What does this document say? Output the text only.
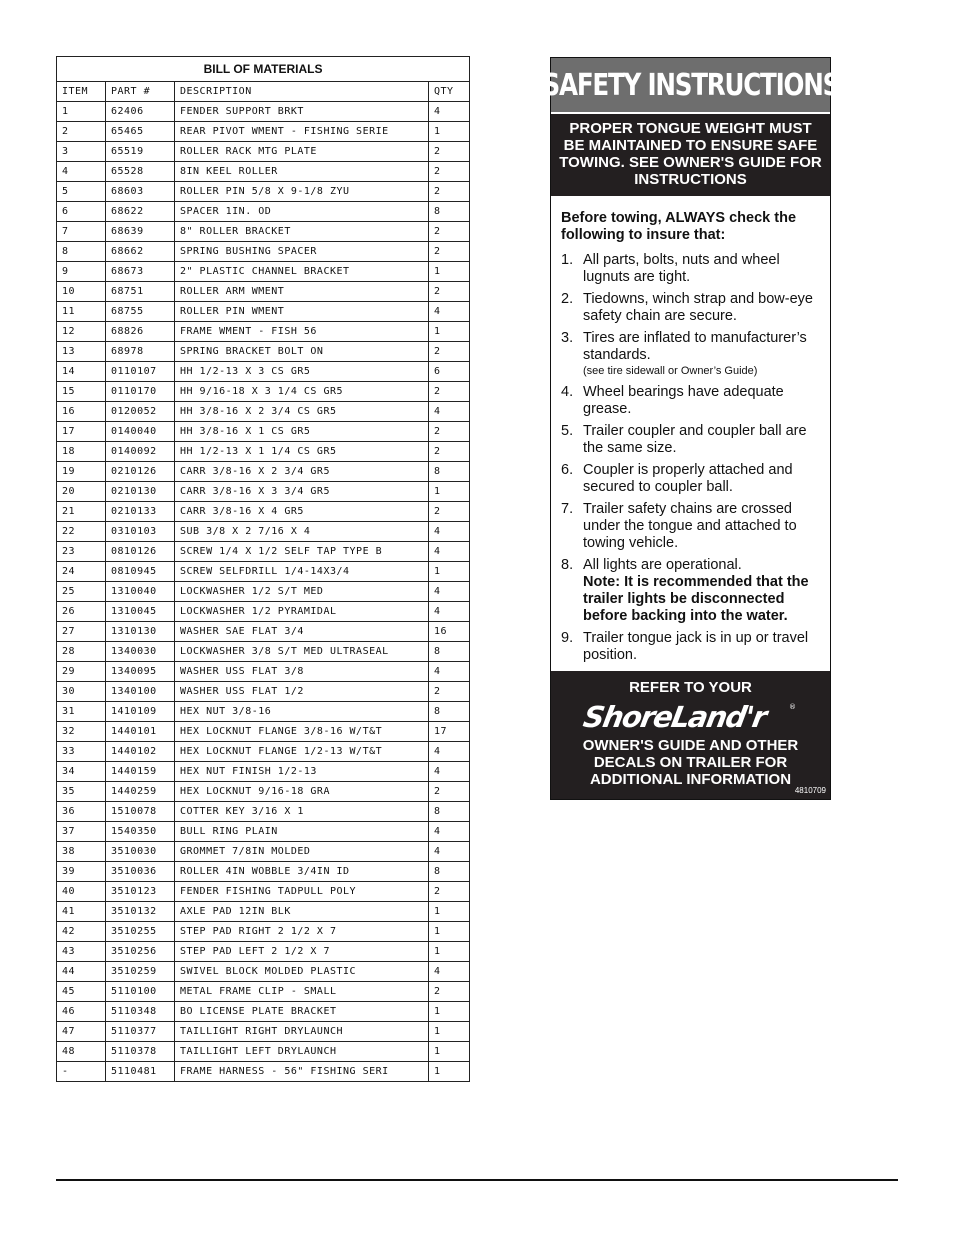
BILL OF MATERIALS			
ITEM	PART #	DESCRIPTION	QTY
1	62406	FENDER SUPPORT BRKT	4
2	65465	REAR PIVOT WMENT - FISHING SERIE	1
3	65519	ROLLER RACK MTG PLATE	2
4	65528	8IN KEEL ROLLER	2
5	68603	ROLLER PIN 5/8 X 9-1/8 ZYU	2
6	68622	SPACER 1IN. OD	8
7	68639	8" ROLLER BRACKET	2
8	68662	SPRING BUSHING SPACER	2
9	68673	2" PLASTIC CHANNEL BRACKET	1
10	68751	ROLLER ARM WMENT	2
11	68755	ROLLER PIN WMENT	4
12	68826	FRAME WMENT - FISH 56	1
13	68978	SPRING BRACKET BOLT ON	2
14	0110107	HH 1/2-13 X 3 CS GR5	6
15	0110170	HH 9/16-18 X 3 1/4 CS GR5	2
16	0120052	HH 3/8-16 X 2 3/4 CS GR5	4
17	0140040	HH 3/8-16 X 1 CS GR5	2
18	0140092	HH 1/2-13 X 1 1/4 CS GR5	2
19	0210126	CARR 3/8-16 X 2 3/4 GR5	8
20	0210130	CARR 3/8-16 X 3 3/4 GR5	1
21	0210133	CARR 3/8-16 X 4 GR5	2
22	0310103	SUB 3/8 X 2 7/16 X 4	4
23	0810126	SCREW 1/4 X 1/2 SELF TAP TYPE B	4
24	0810945	SCREW SELFDRILL 1/4-14X3/4	1
25	1310040	LOCKWASHER 1/2 S/T MED	4
26	1310045	LOCKWASHER 1/2 PYRAMIDAL	4
27	1310130	WASHER SAE FLAT 3/4	16
28	1340030	LOCKWASHER 3/8 S/T MED ULTRASEAL	8
29	1340095	WASHER USS FLAT 3/8	4
30	1340100	WASHER USS FLAT 1/2	2
31	1410109	HEX NUT 3/8-16	8
32	1440101	HEX LOCKNUT FLANGE 3/8-16 W/T&T	17
33	1440102	HEX LOCKNUT FLANGE 1/2-13 W/T&T	4
34	1440159	HEX NUT FINISH 1/2-13	4
35	1440259	HEX LOCKNUT 9/16-18 GRA	2
36	1510078	COTTER KEY 3/16 X 1	8
37	1540350	BULL RING PLAIN	4
38	3510030	GROMMET 7/8IN MOLDED	4
39	3510036	ROLLER 4IN WOBBLE 3/4IN ID	8
40	3510123	FENDER FISHING TADPULL POLY	2
41	3510132	AXLE PAD 12IN BLK	1
42	3510255	STEP PAD RIGHT 2 1/2 X 7	1
43	3510256	STEP PAD LEFT 2 1/2 X 7	1
44	3510259	SWIVEL BLOCK MOLDED PLASTIC	4
45	5110100	METAL FRAME CLIP - SMALL	2
46	5110348	BO LICENSE PLATE BRACKET	1
47	5110377	TAILLIGHT RIGHT DRYLAUNCH	1
48	5110378	TAILLIGHT LEFT DRYLAUNCH	1
-	5110481	FRAME HARNESS - 56" FISHING SERI	1
SAFETY INSTRUCTIONS
PROPER TONGUE WEIGHT MUST BE MAINTAINED TO ENSURE SAFE TOWING. SEE OWNER'S GUIDE FOR INSTRUCTIONS
Before towing, ALWAYS check the following to insure that:
1. All parts, bolts, nuts and wheel lugnuts are tight.
2. Tiedowns, winch strap and bow-eye safety chain are secure.
3. Tires are inflated to manufacturer’s standards.
(see tire sidewall or Owner’s Guide)
4. Wheel bearings have adequate grease.
5. Trailer coupler and coupler ball are the same size.
6. Coupler is properly attached and secured to coupler ball.
7. Trailer safety chains are crossed under the tongue and attached to towing vehicle.
8. All lights are operational.
Note: It is recommended that the trailer lights be disconnected before backing into the water.
9. Trailer tongue jack is in up or travel position.
REFER TO YOUR
ShoreLand'r	®
OWNER'S GUIDE AND OTHER DECALS ON TRAILER FOR ADDITIONAL INFORMATION
4810709
